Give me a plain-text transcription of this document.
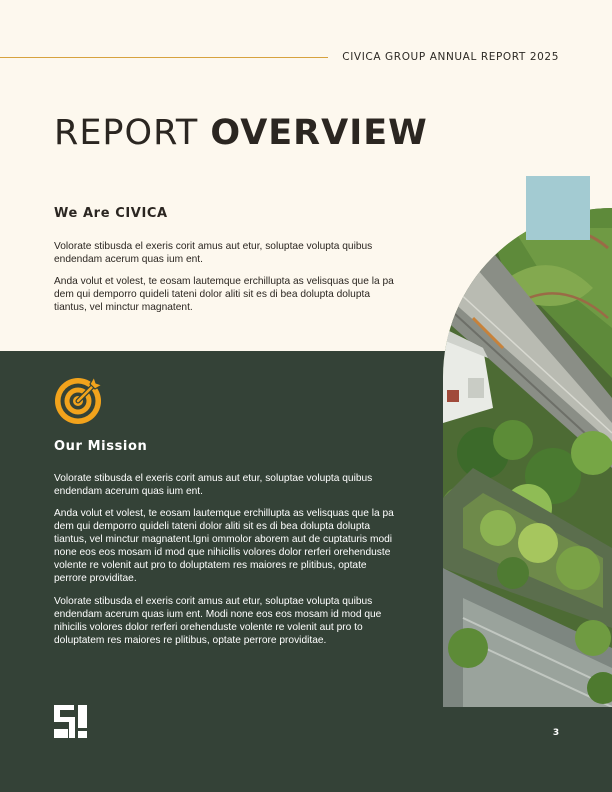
CIVICA GROUP ANNUAL REPORT 2025
REPORT OVERVIEW
We Are CIVICA

Volorate stibusda el exeris corit amus aut etur, soluptae volupta quibus endendam acerum quas ium ent.

Anda volut et volest, te eosam lautemque erchillupta as velisquas que la pa dem qui demporro quideli tateni dolor aliti sit es di bea dolupta dolupta tiantus, vel minctur magnatent.

Our Mission

Volorate stibusda el exeris corit amus aut etur, soluptae volupta quibus endendam acerum quas ium ent.

Anda volut et volest, te eosam lautemque erchillupta as velisquas que la pa dem qui demporro quideli tateni dolor aliti sit es di bea dolupta dolupta tiantus, vel minctur magnatent.Igni ommolor aborem aut de cuptaturis modi none eos eos mosam id mod que nihicilis volores dolor rerferi orehenduste volente re volenit aut pro to doluptatem res maiores re plitibus, optate perrore providitae.

Volorate stibusda el exeris corit amus aut etur, soluptae volupta quibus endendam acerum quas ium ent. Modi none eos eos mosam id mod que nihicilis volores dolor rerferi orehenduste volente re volenit aut pro to doluptatem res maiores re plitibus, optate perrore providitae.

3
